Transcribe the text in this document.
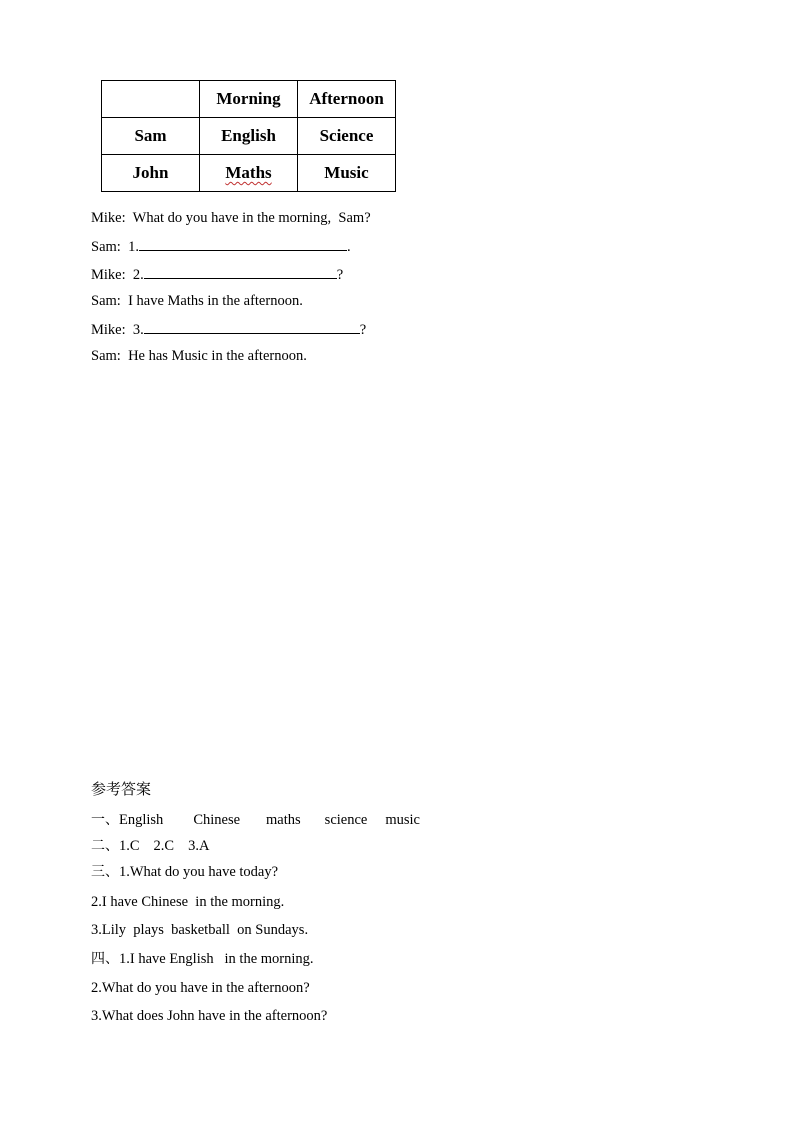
	Morning	Afternoon
Sam	English	Science
John	Maths	Music
Mike: What do you have in the morning,  Sam?
Sam: 1.	.
Mike: 2.	?
Sam: I have Maths in the afternoon.
Mike: 3.	?
Sam: He has Music in the afternoon.
参考答案
一、English Chinese maths science music
二、1.C 2.C 3.A
三、1.What do you have today?
2.I have Chinese  in the morning.
3.Lily  plays  basketball  on Sundays.
四、1.I have English   in the morning.
2.What do you have in the afternoon?
3.What does John have in the afternoon?
